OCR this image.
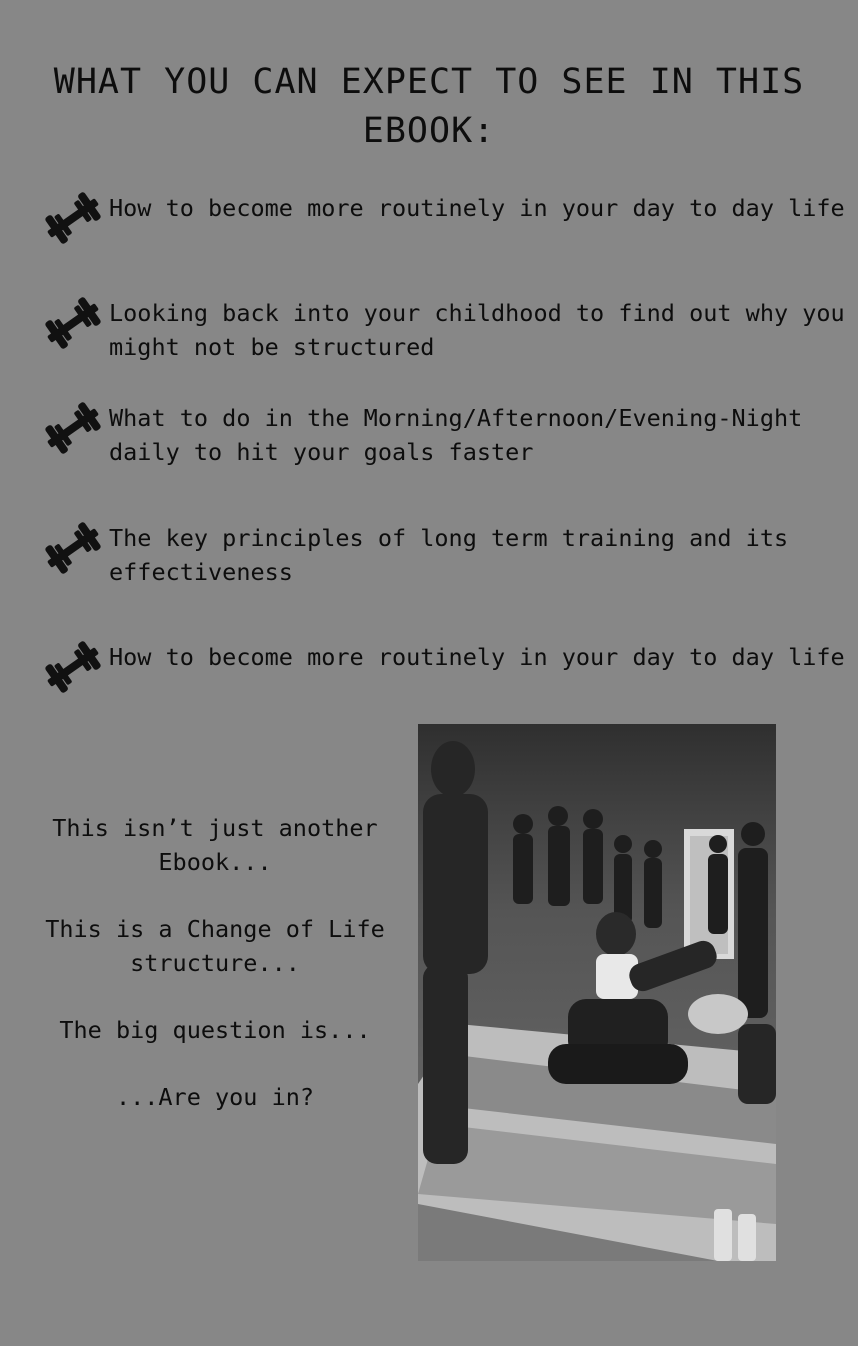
WHAT YOU CAN EXPECT TO SEE IN THIS EBOOK:
How to become more routinely in your day to day life
Looking back into your childhood to find out why you might not be structured
What to do in the Morning/Afternoon/Evening-Night daily to hit your goals faster
The key principles of long term training and its effectiveness
How to become more routinely in your day to day life

This isn’t just another Ebook...

This is a Change of Life structure...

The big question is...

...Are you in?
